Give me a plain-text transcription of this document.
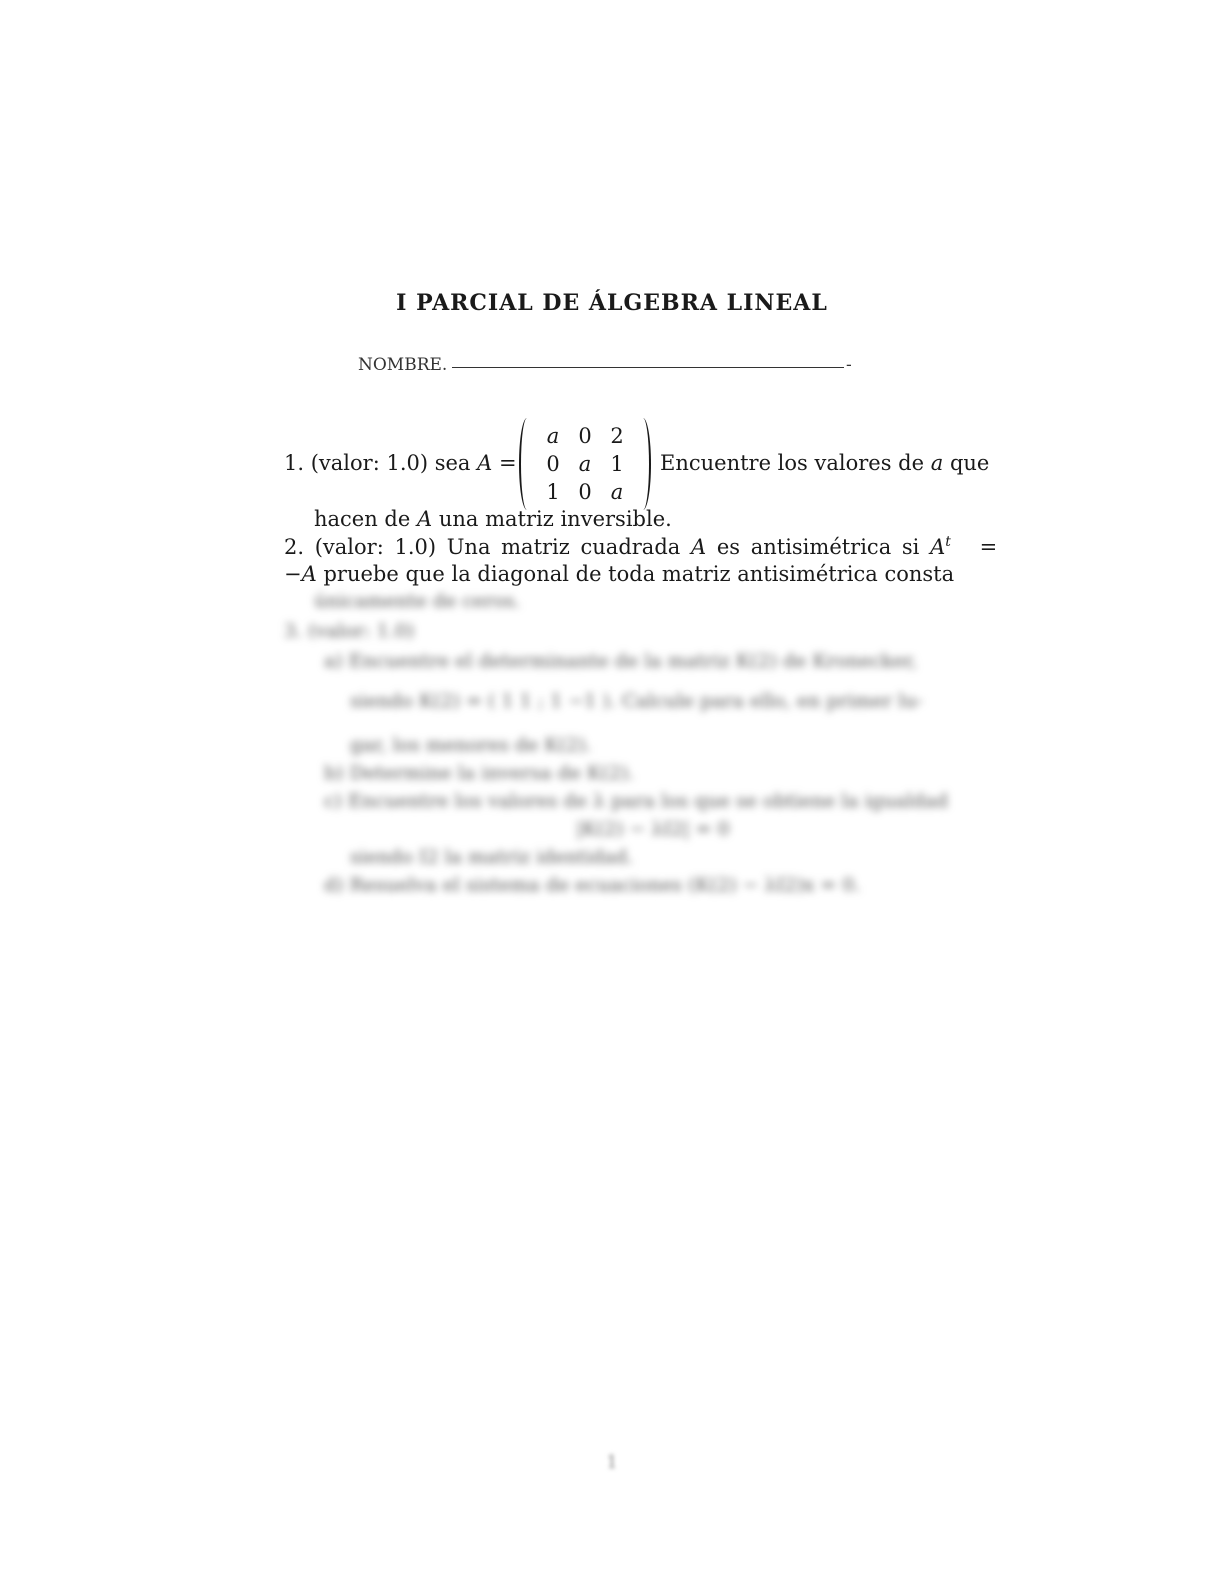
I PARCIAL DE ÁLGEBRA LINEAL
NOMBRE.	-
1. (valor: 1.0) sea A =
a 0 2
0 a 1
1 0 a
Encuentre los valores de a que
hacen de A una matriz inversible.
2. (valor: 1.0) Una matriz cuadrada A es antisimétrica si $A^t$ =
−A pruebe que la diagonal de toda matriz antisimétrica consta
únicamente de ceros.
3. (valor: 1.0)
a) Encuentre el determinante de la matriz K(2) de Kronecker,
siendo K(2) = ( 1 1 ; 1 −1 ). Calcule para ello, en primer lu-
gar, los menores de K(2).
b) Determine la inversa de K(2).
c) Encuentre los valores de λ para los que se obtiene la igualdad
|K(2) − λI2| = 0
siendo I2 la matriz identidad.
d) Resuelva el sistema de ecuaciones (K(2) − λI2)x = 0.
1
